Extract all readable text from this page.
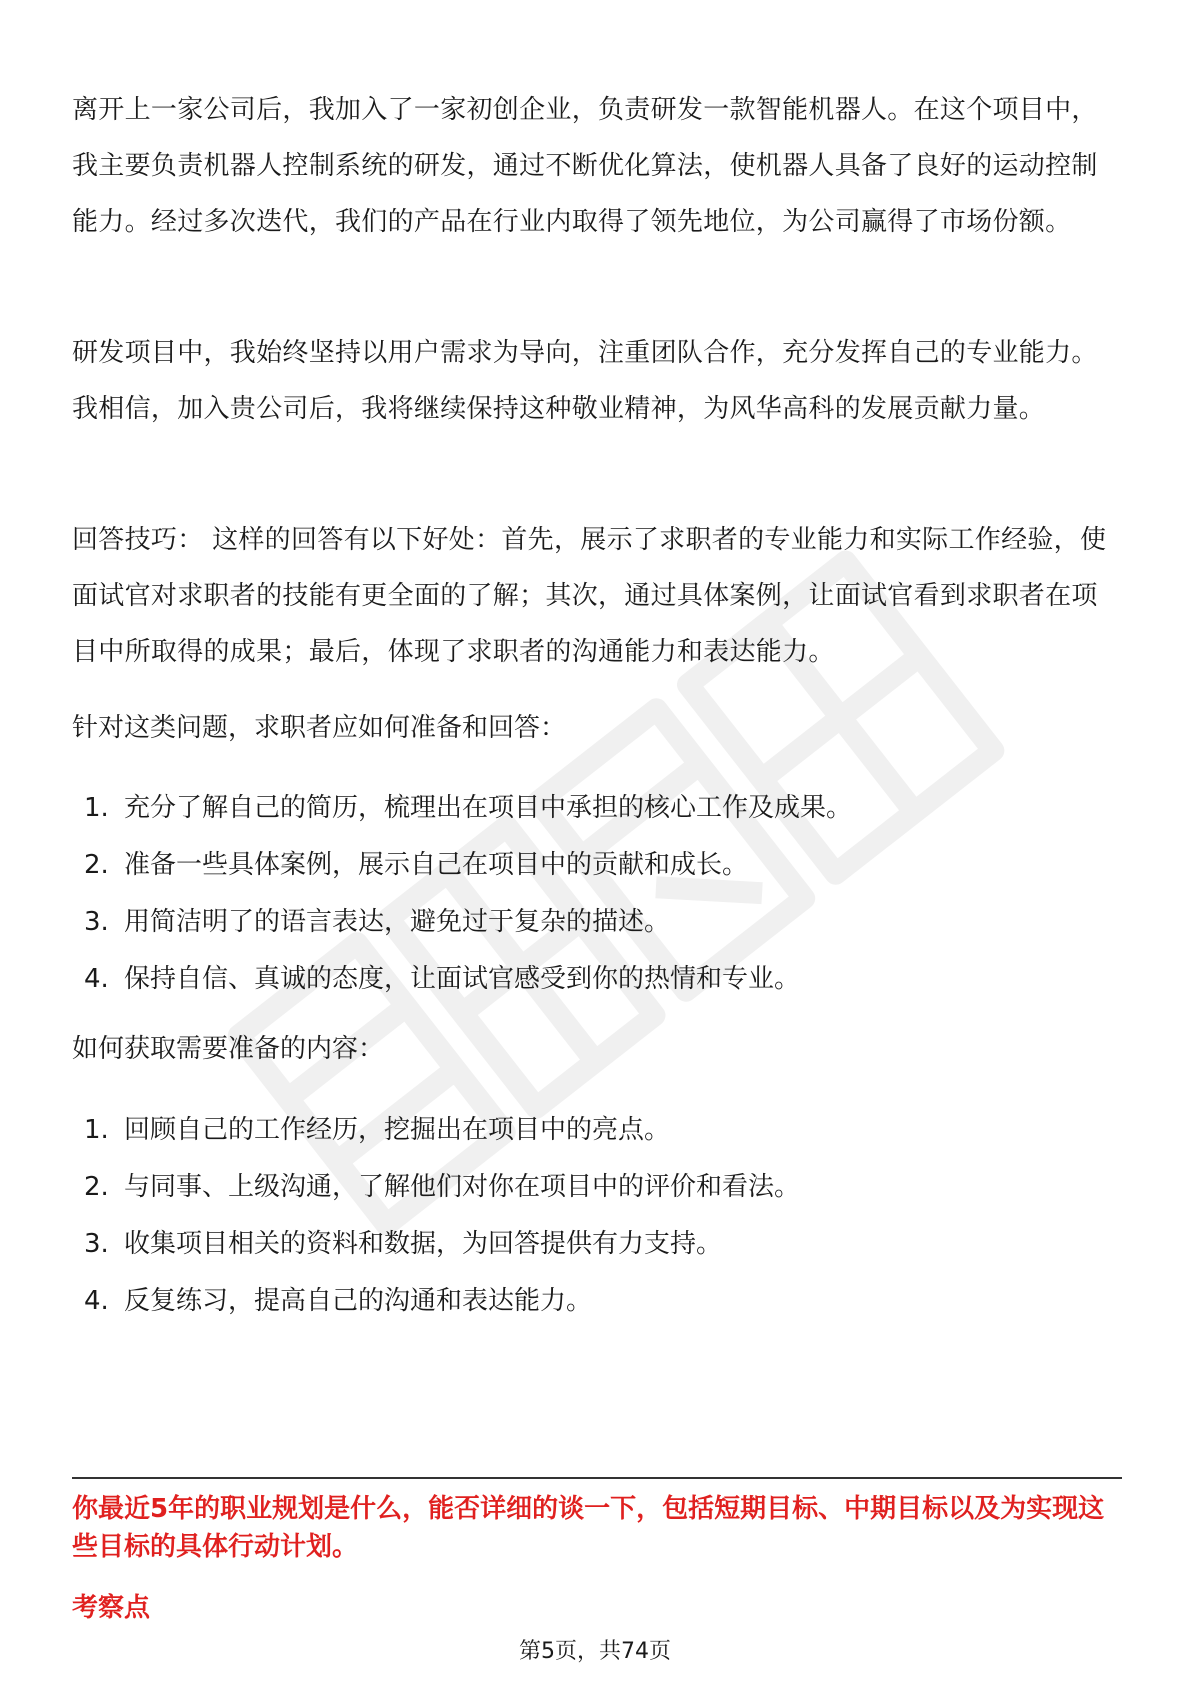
离开上一家公司后，我加入了一家初创企业，负责研发一款智能机器人。在这个项目中，我主要负责机器人控制系统的研发，通过不断优化算法，使机器人具备了良好的运动控制能力。经过多次迭代，我们的产品在行业内取得了领先地位，为公司赢得了市场份额。

研发项目中，我始终坚持以用户需求为导向，注重团队合作，充分发挥自己的专业能力。我相信，加入贵公司后，我将继续保持这种敬业精神，为风华高科的发展贡献力量。

回答技巧： 这样的回答有以下好处：首先，展示了求职者的专业能力和实际工作经验，使面试官对求职者的技能有更全面的了解；其次，通过具体案例，让面试官看到求职者在项目中所取得的成果；最后，体现了求职者的沟通能力和表达能力。

针对这类问题，求职者应如何准备和回答：

1. 充分了解自己的简历，梳理出在项目中承担的核心工作及成果。
2. 准备一些具体案例，展示自己在项目中的贡献和成长。
3. 用简洁明了的语言表达，避免过于复杂的描述。
4. 保持自信、真诚的态度，让面试官感受到你的热情和专业。

如何获取需要准备的内容：

1. 回顾自己的工作经历，挖掘出在项目中的亮点。
2. 与同事、上级沟通，了解他们对你在项目中的评价和看法。
3. 收集项目相关的资料和数据，为回答提供有力支持。
4. 反复练习，提高自己的沟通和表达能力。

你最近5年的职业规划是什么，能否详细的谈一下，包括短期目标、中期目标以及为实现这些目标的具体行动计划。

考察点

第5页，共74页
